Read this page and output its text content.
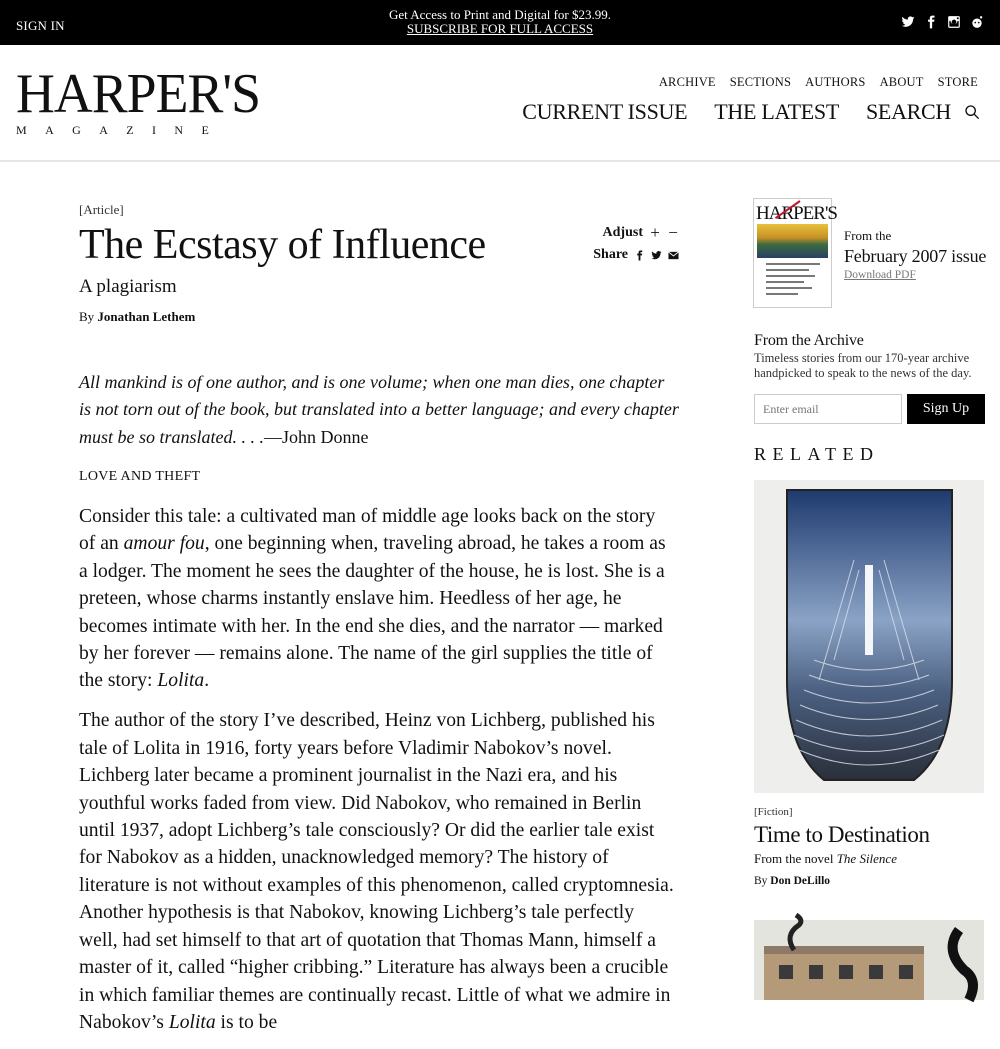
SIGN IN
Get Access to Print and Digital for $23.99.
SUBSCRIBE FOR FULL ACCESS
HARPER'S
MAGAZINE
ARCHIVE SECTIONS AUTHORS ABOUT STORE
CURRENT ISSUE THE LATEST SEARCH
[Article]
The Ecstasy of Influence
A plagiarism
By Jonathan Lethem
Adjust + −
Share
All mankind is of one author, and is one volume; when one man dies, one chapter is not torn out of the book, but translated into a better language; and every chapter must be so translated. . . .—John Donne
LOVE AND THEFT

Consider this tale: a cultivated man of middle age looks back on the story of an amour fou, one beginning when, traveling abroad, he takes a room as a lodger. The moment he sees the daughter of the house, he is lost. She is a preteen, whose charms instantly enslave him. Heedless of her age, he becomes intimate with her. In the end she dies, and the narrator — marked by her forever — remains alone. The name of the girl supplies the title of the story: Lolita.

The author of the story I’ve described, Heinz von Lichberg, published his tale of Lolita in 1916, forty years before Vladimir Nabokov’s novel. Lichberg later became a prominent journalist in the Nazi era, and his youthful works faded from view. Did Nabokov, who remained in Berlin until 1937, adopt Lichberg’s tale consciously? Or did the earlier tale exist for Nabokov as a hidden, unacknowledged memory? The history of literature is not without examples of this phenomenon, called cryptomnesia. Another hypothesis is that Nabokov, knowing Lichberg’s tale perfectly well, had set himself to that art of quotation that Thomas Mann, himself a master of it, called “higher cribbing.” Literature has always been a crucible in which familiar themes are continually recast. Little of what we admire in Nabokov’s Lolita is to be

HARPER'S
From the
February 2007 issue
Download PDF
From the Archive
Timeless stories from our 170-year archive handpicked to speak to the news of the day.
Enter email
Sign Up
RELATED
[Fiction]
Time to Destination
From the novel The Silence
By Don DeLillo
